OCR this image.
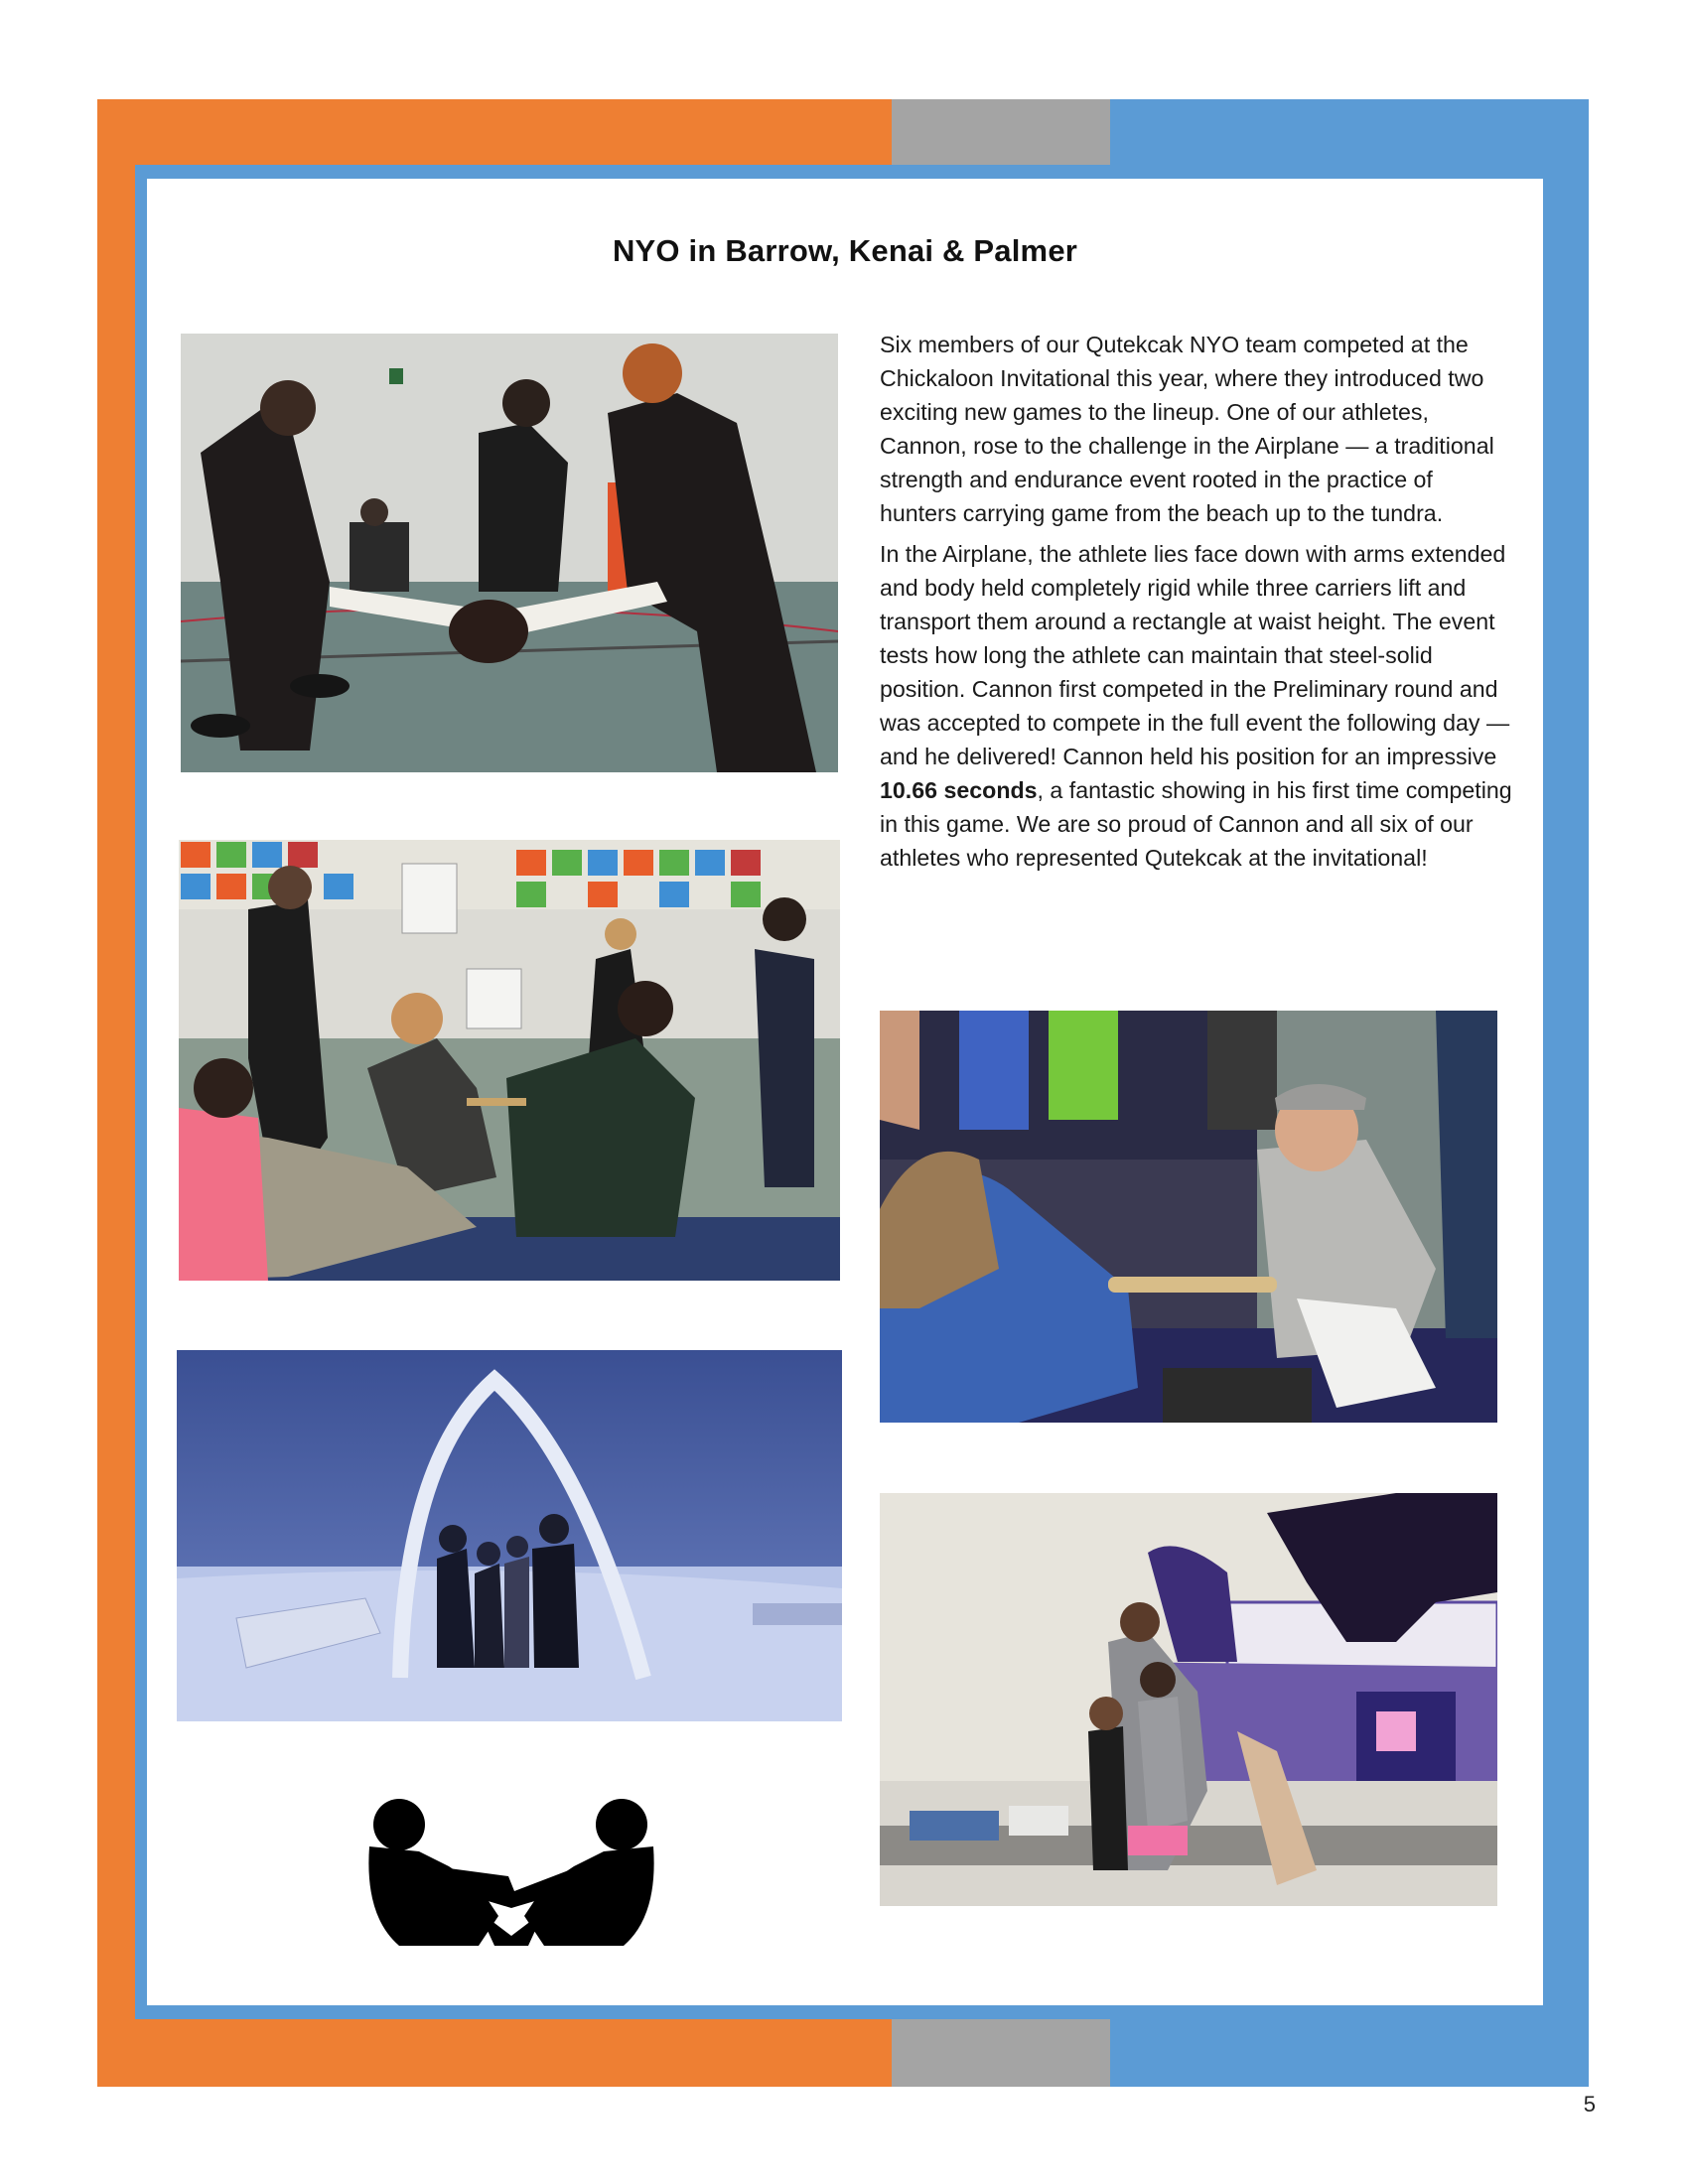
NYO in Barrow, Kenai & Palmer

Six members of our Qutekcak NYO team competed at the Chickaloon Invitational this year, where they introduced two exciting new games to the lineup. One of our athletes, Cannon, rose to the challenge in the Airplane — a traditional strength and endurance event rooted in the practice of hunters carrying game from the beach up to the tundra.

In the Airplane, the athlete lies face down with arms extended and body held completely rigid while three carriers lift and transport them around a rectangle at waist height. The event tests how long the athlete can maintain that steel-solid position. Cannon first competed in the Preliminary round and was accepted to compete in the full event the following day — and he delivered! Cannon held his position for an impressive 10.66 seconds, a fantastic showing in his first time competing in this game. We are so proud of Cannon and all six of our athletes who represented Qutekcak at the invitational!

5
